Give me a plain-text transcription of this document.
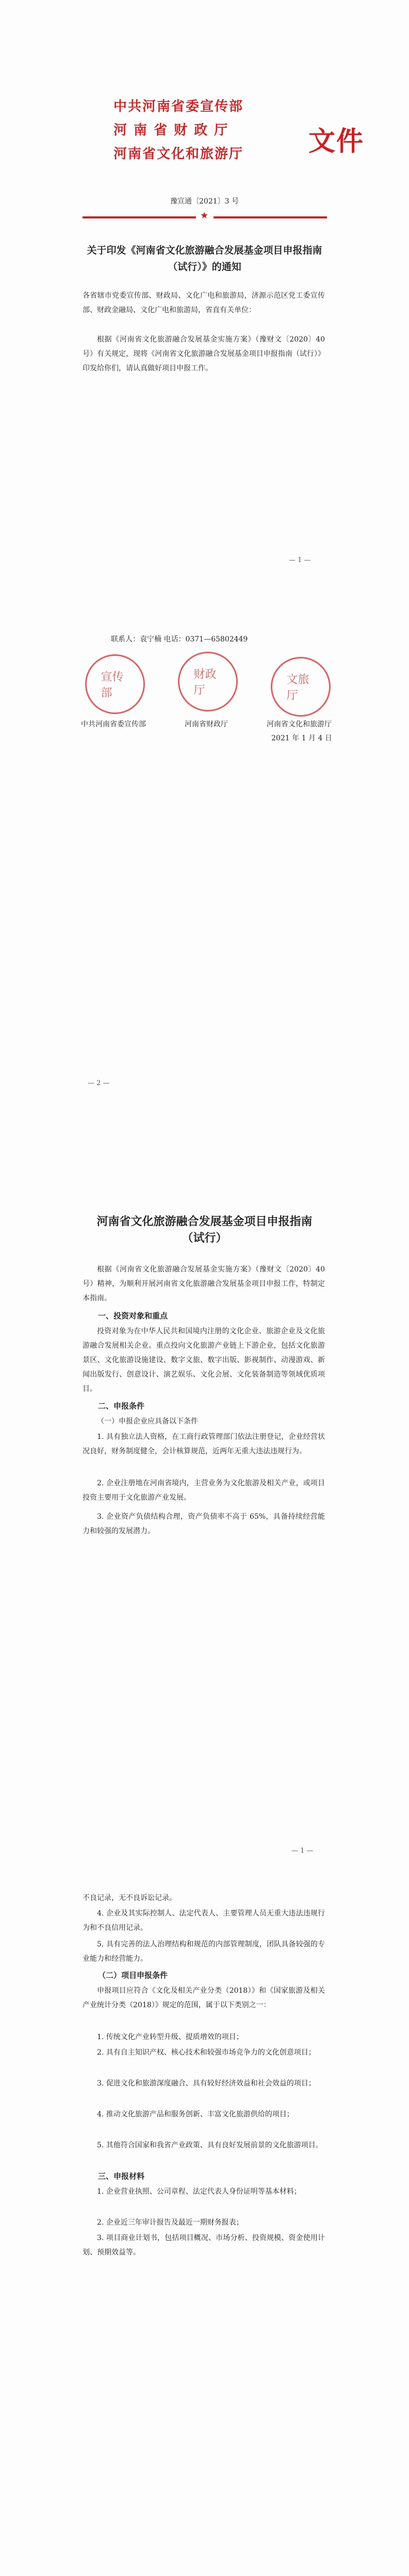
中共河南省委宣传部
河 南 省 财 政 厅
河南省文化和旅游厅 文件
豫宣通〔2021〕3 号
★
关于印发《河南省文化旅游融合发展基金项目申报指南（试行）》的通知
各省辖市党委宣传部、财政局、文化广电和旅游局，济源示范区党工委宣传部、财政金融局、文化广电和旅游局，省直有关单位：
根据《河南省文化旅游融合发展基金实施方案》（豫财文〔2020〕40 号）有关规定，现将《河南省文化旅游融合发展基金项目申报指南（试行）》印发给你们，请认真做好项目申报工作。
— 1 —
联系人：袁宁楠 电话：0371—65802449
宣传部
财政厅
文旅厅
中共河南省委宣传部	河南省财政厅	河南省文化和旅游厅
2021 年 1 月 4 日
— 2 —
河南省文化旅游融合发展基金项目申报指南（试行）
根据《河南省文化旅游融合发展基金实施方案》（豫财文〔2020〕40 号）精神，为顺利开展河南省文化旅游融合发展基金项目申报工作，特制定本指南。
一、投资对象和重点
投资对象为在中华人民共和国境内注册的文化企业、旅游企业及文化旅游融合发展相关企业。重点投向文化旅游产业链上下游企业，包括文化旅游景区、文化旅游设施建设、数字文旅、数字出版、影视制作、动漫游戏、新闻出版发行、创意设计、演艺娱乐、文化会展、文化装备制造等领域优质项目。
二、申报条件
（一）申报企业应具备以下条件
1. 具有独立法人资格，在工商行政管理部门依法注册登记，企业经营状况良好，财务制度健全，会计核算规范，近两年无重大违法违规行为。
2. 企业注册地在河南省境内，主营业务为文化旅游及相关产业，或项目投资主要用于文化旅游产业发展。
3. 企业资产负债结构合理，资产负债率不高于 65%，具备持续经营能力和较强的发展潜力。
— 1 —
不良记录，无不良诉讼记录。
4. 企业及其实际控制人、法定代表人、主要管理人员无重大违法违规行为和不良信用记录。
5. 具有完善的法人治理结构和规范的内部管理制度，团队具备较强的专业能力和经营能力。
（二）项目申报条件
申报项目应符合《文化及相关产业分类（2018）》和《国家旅游及相关产业统计分类（2018）》规定的范围，属于以下类别之一：
1. 传统文化产业转型升级、提质增效的项目；
2. 具有自主知识产权、核心技术和较强市场竞争力的文化创意项目；
3. 促进文化和旅游深度融合、具有较好经济效益和社会效益的项目；
4. 推动文化旅游产品和服务创新、丰富文化旅游供给的项目；
5. 其他符合国家和我省产业政策、具有良好发展前景的文化旅游项目。
三、申报材料
1. 企业营业执照、公司章程、法定代表人身份证明等基本材料；
2. 企业近三年审计报告及最近一期财务报表；
3. 项目商业计划书，包括项目概况、市场分析、投资规模、资金使用计划、预期效益等。
